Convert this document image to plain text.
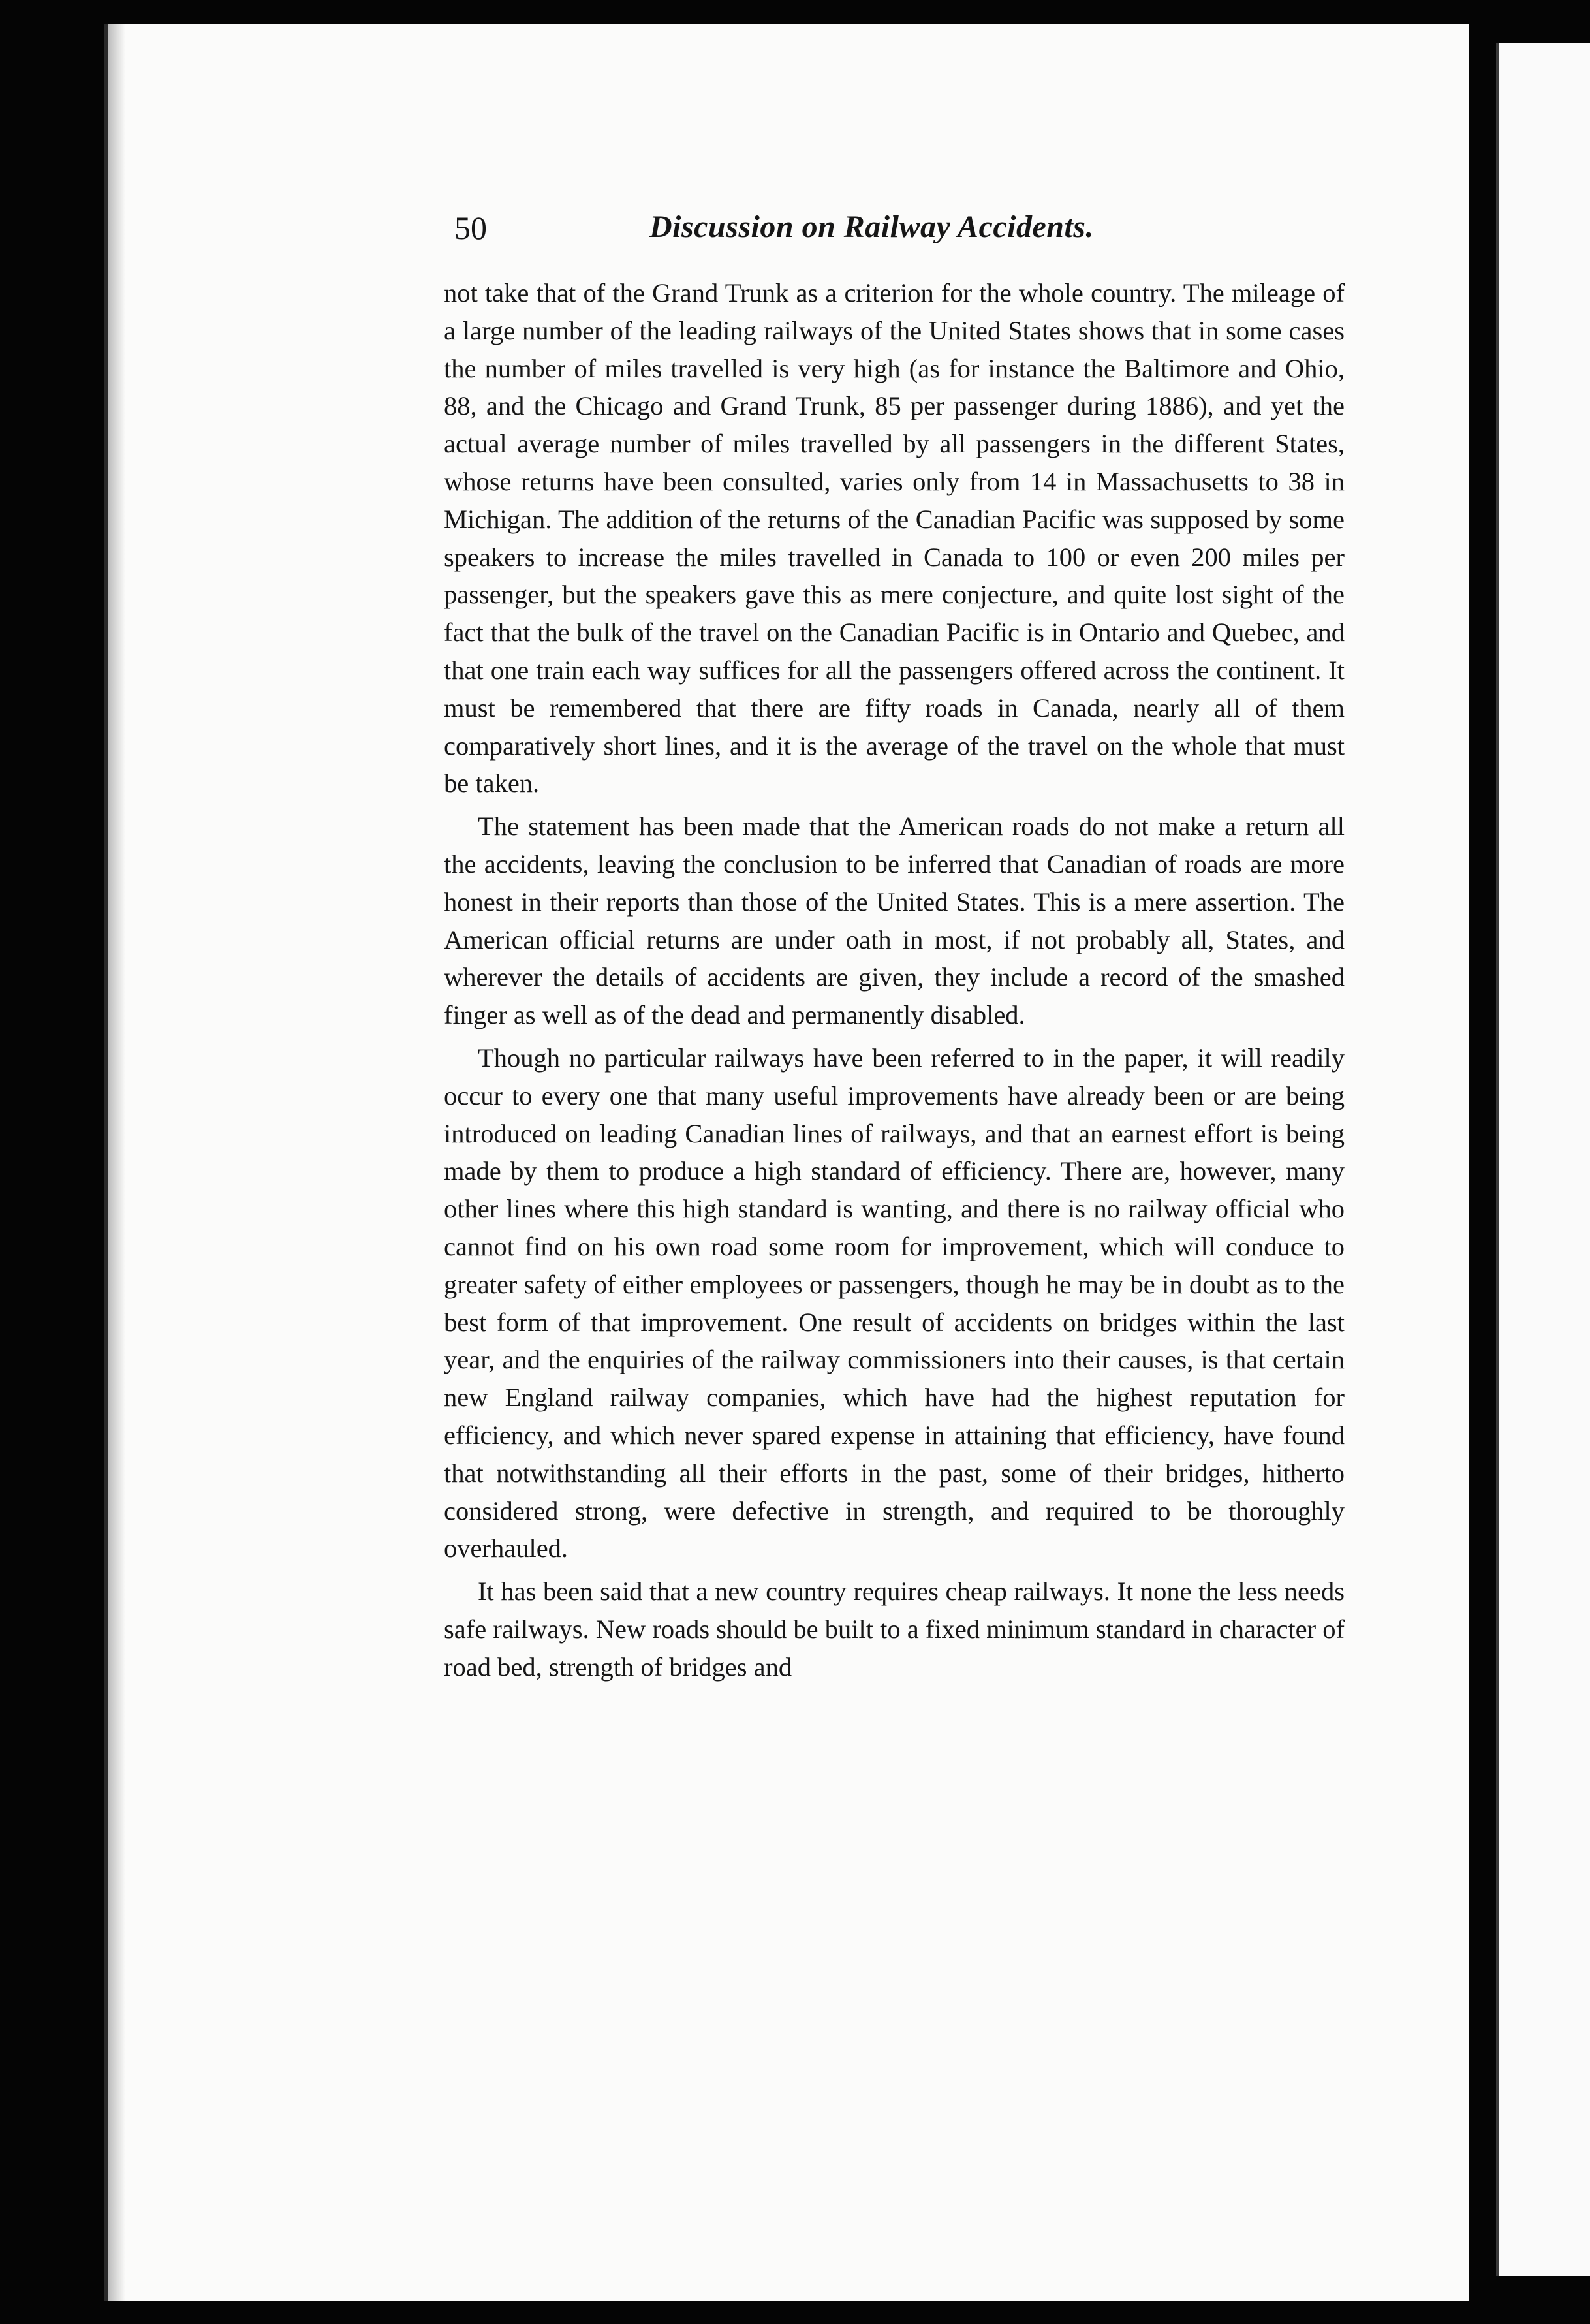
50	Discussion on Railway Accidents.

not take that of the Grand Trunk as a criterion for the whole country. The mileage of a large number of the leading railways of the United States shows that in some cases the number of miles travelled is very high (as for instance the Baltimore and Ohio, 88, and the Chicago and Grand Trunk, 85 per passenger during 1886), and yet the actual average number of miles travelled by all passengers in the different States, whose returns have been consulted, varies only from 14 in Massachusetts to 38 in Michigan. The addition of the returns of the Canadian Pacific was supposed by some speakers to increase the miles travelled in Canada to 100 or even 200 miles per passenger, but the speakers gave this as mere conjecture, and quite lost sight of the fact that the bulk of the travel on the Canadian Pacific is in Ontario and Quebec, and that one train each way suffices for all the passengers offered across the continent. It must be remembered that there are fifty roads in Canada, nearly all of them comparatively short lines, and it is the average of the travel on the whole that must be taken.

The statement has been made that the American roads do not make a return all the accidents, leaving the conclusion to be inferred that Canadian of roads are more honest in their reports than those of the United States. This is a mere assertion. The American official returns are under oath in most, if not probably all, States, and wherever the details of accidents are given, they include a record of the smashed finger as well as of the dead and permanently disabled.

Though no particular railways have been referred to in the paper, it will readily occur to every one that many useful improvements have already been or are being introduced on leading Canadian lines of railways, and that an earnest effort is being made by them to produce a high standard of efficiency. There are, however, many other lines where this high standard is wanting, and there is no railway official who cannot find on his own road some room for improvement, which will conduce to greater safety of either employees or passengers, though he may be in doubt as to the best form of that improvement. One result of accidents on bridges within the last year, and the enquiries of the railway commissioners into their causes, is that certain new England railway companies, which have had the highest reputation for efficiency, and which never spared expense in attaining that efficiency, have found that notwithstanding all their efforts in the past, some of their bridges, hitherto considered strong, were defective in strength, and required to be thoroughly overhauled.

It has been said that a new country requires cheap railways. It none the less needs safe railways. New roads should be built to a fixed minimum standard in character of road bed, strength of bridges and
